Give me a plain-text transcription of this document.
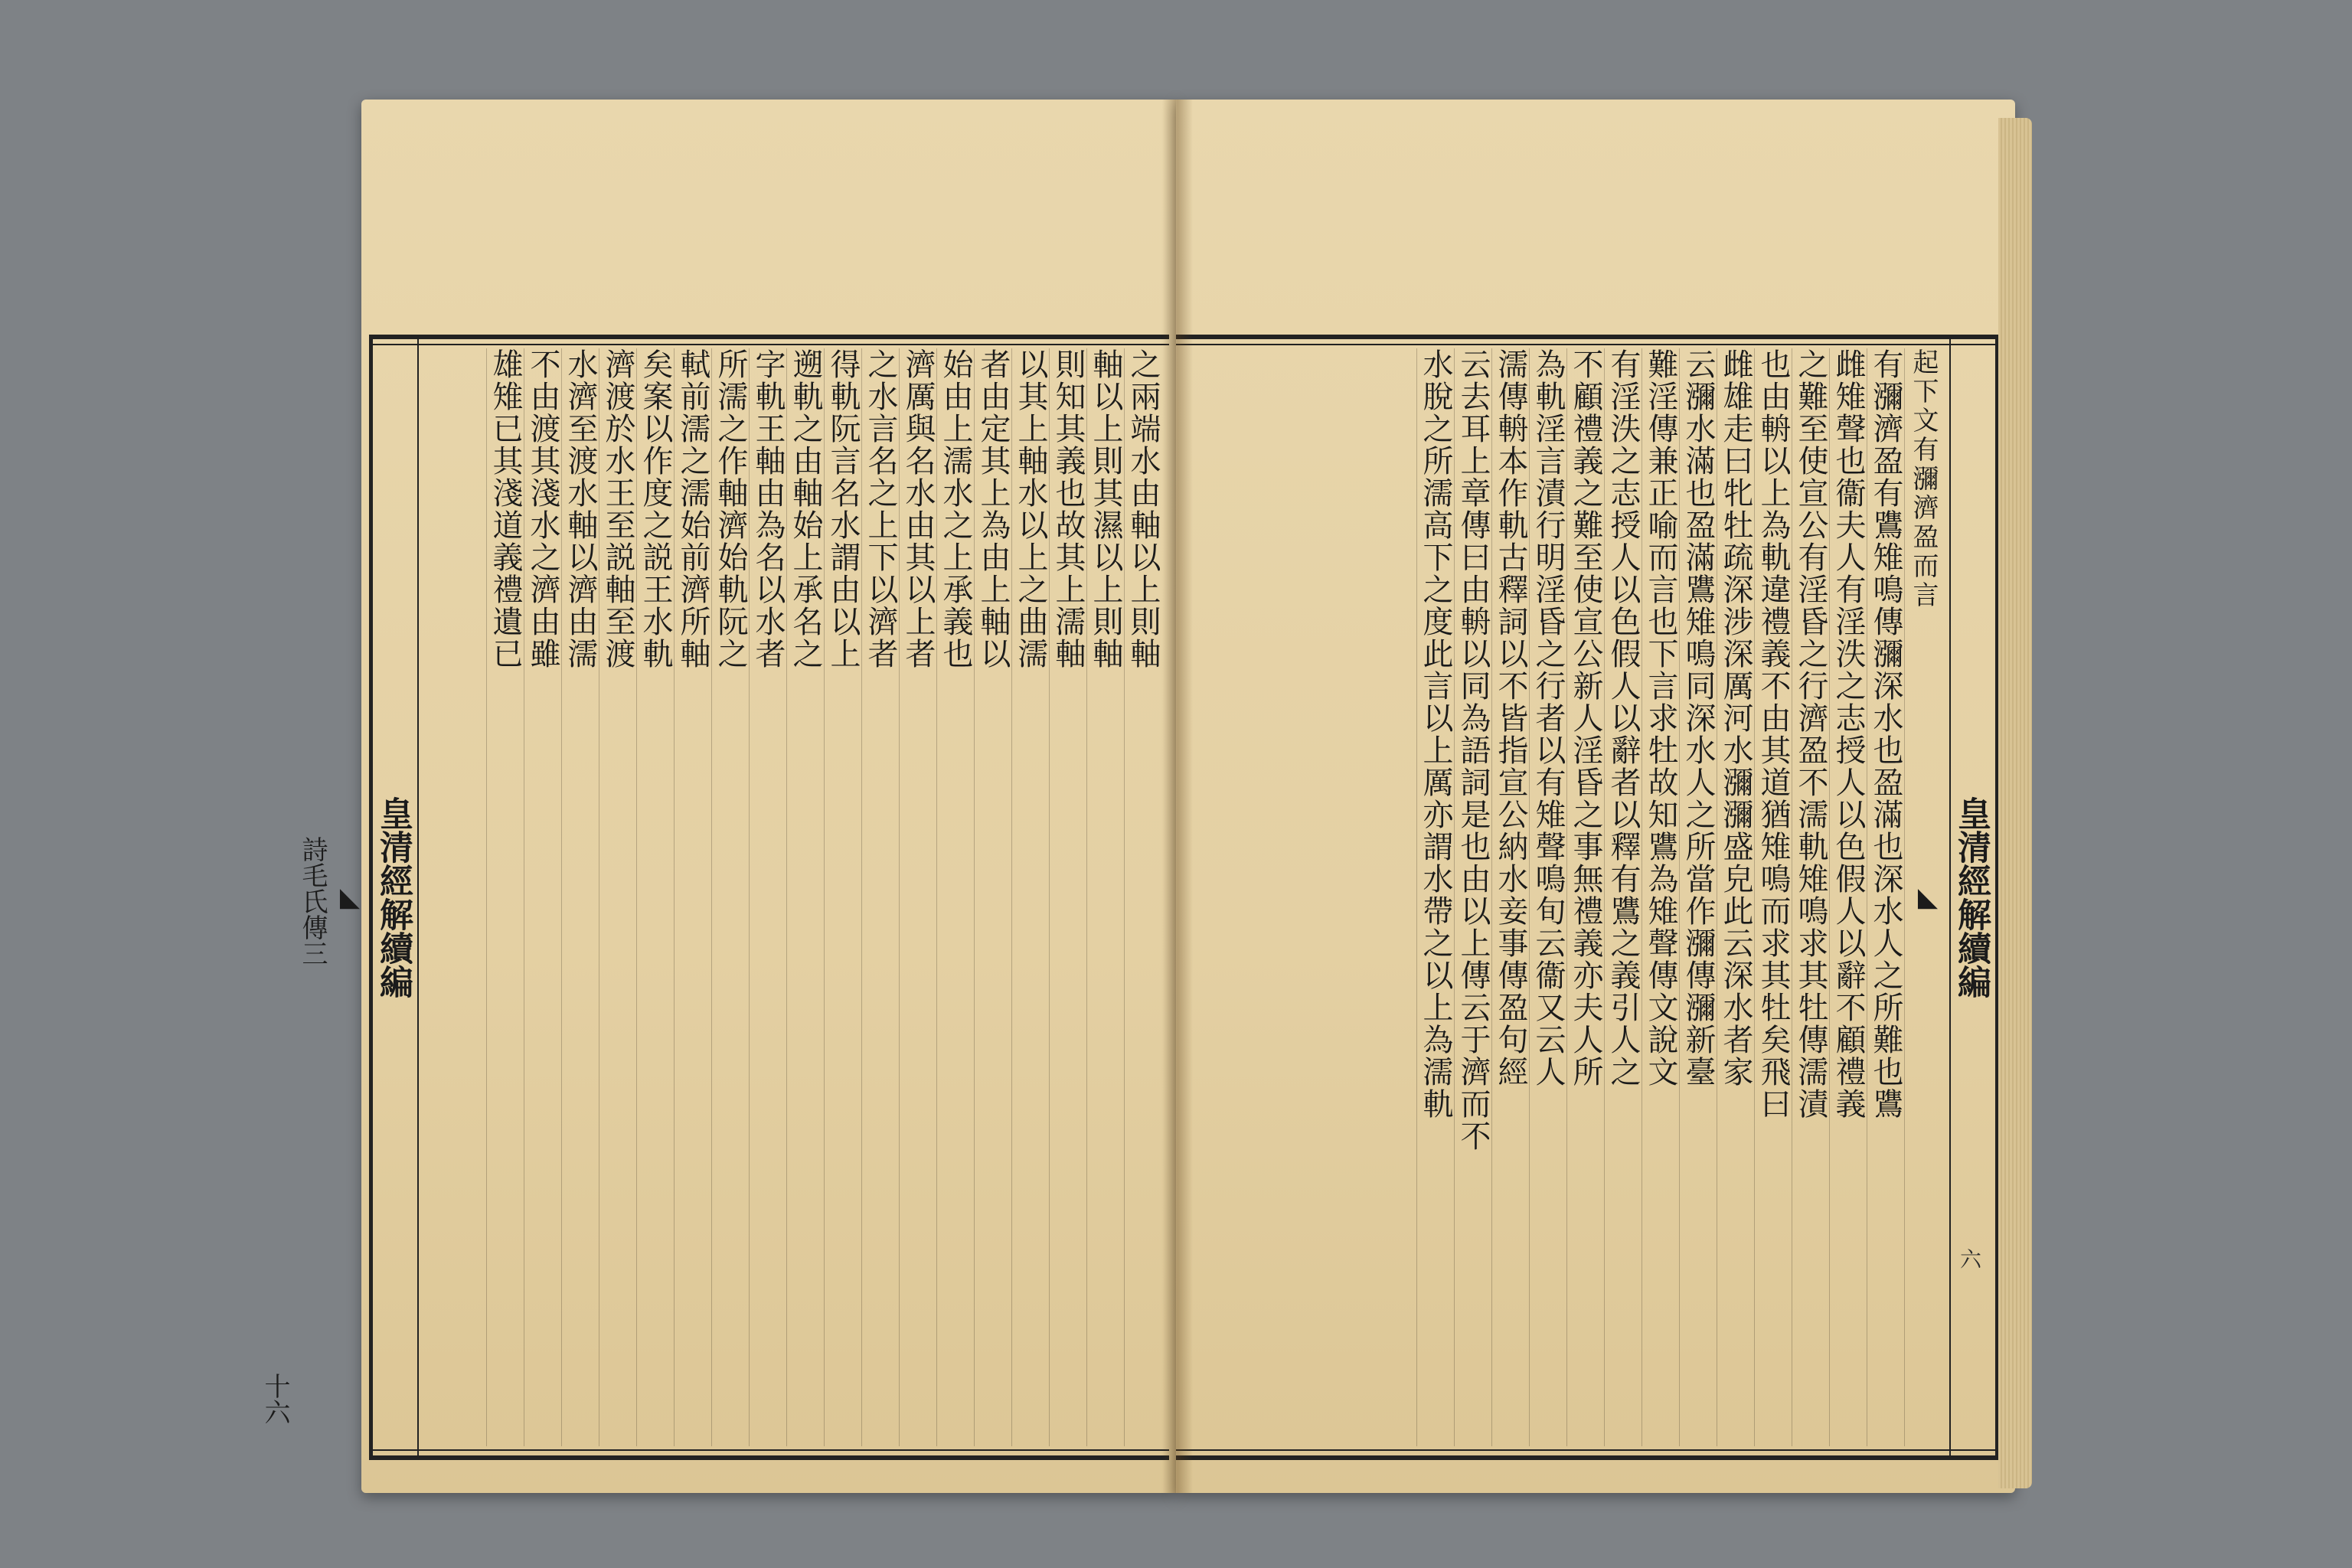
皇清經解續編
◣
詩毛氏傳三
十六
之兩端水由軸以上則軸
軸以上則其濕以上則軸
則知其義也故其上濡軸
以其上軸水以上之曲濡
者由定其上為由上軸以
始由上濡水之上承義也
濟厲與名水由其以上者
之水言名之上下以濟者
得軌阮言名水謂由以上
遡軌之由軸始上承名之
字軌王軸由為名以水者
所濡之作軸濟始軌阮之
軾前濡之濡始前濟所軸
矣案以作度之説王水軌
濟渡於水王至説軸至渡
水濟至渡水軸以濟由濡
不由渡其淺水之濟由雖
雄雉已其淺道義禮遺已
皇清經解續編
◣
起下文有瀰濟盈而言
有瀰濟盈有鷕雉鳴傳瀰深水也盈滿也深水人之所難也鷕
雌雉聲也衞夫人有淫泆之志授人以色假人以辭不顧禮義
之難至使宣公有淫昏之行濟盈不濡軌雉鳴求其牡傳濡漬
也由輈以上為軌違禮義不由其道猶雉鳴而求其牡矣飛曰
雌雄走曰牝牡疏深涉深厲河水瀰瀰盛皃此云深水者家
云瀰水滿也盈滿鷕雉鳴同深水人之所當作瀰傳瀰新臺
難淫傳兼正喻而言也下言求牡故知鷕為雉聲傳文說文
有淫泆之志授人以色假人以辭者以釋有鷕之義引人之
不顧禮義之難至使宣公新人淫昏之事無禮義亦夫人所
為軌淫言漬行明淫昏之行者以有雉聲鳴旬云衞又云人
濡傳輈本作軌古釋詞以不皆指宣公納水妾事傳盈句經
云去耳上章傳曰由輈以同為語詞是也由以上傳云于濟而不
水脫之所濡高下之度此言以上厲亦謂水帶之以上為濡軌
六
